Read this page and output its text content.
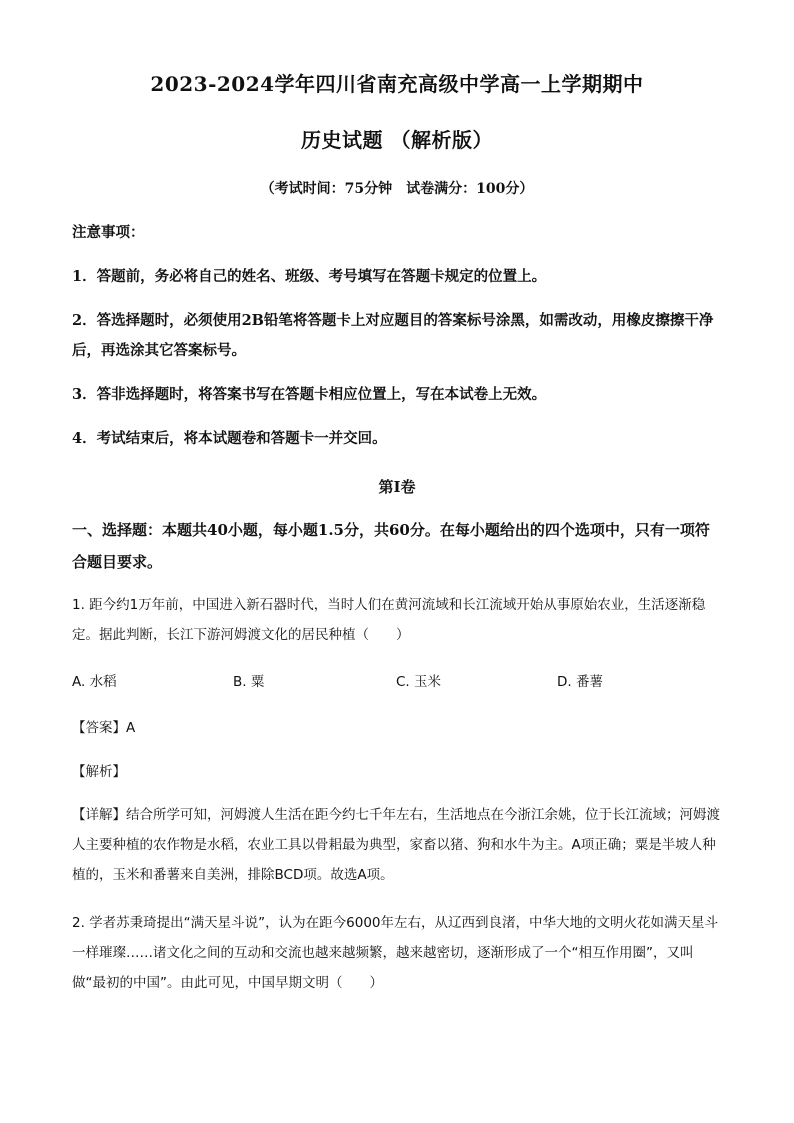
2023-2024学年四川省南充高级中学高一上学期期中
历史试题 （解析版）
（考试时间：75分钟　试卷满分：100分）
注意事项：
1．答题前，务必将自己的姓名、班级、考号填写在答题卡规定的位置上。
2．答选择题时，必须使用2B铅笔将答题卡上对应题目的答案标号涂黑，如需改动，用橡皮擦擦干净后，再选涂其它答案标号。
3．答非选择题时，将答案书写在答题卡相应位置上，写在本试卷上无效。
4．考试结束后，将本试题卷和答题卡一并交回。
第Ⅰ卷
一、选择题：本题共40小题，每小题1.5分，共60分。在每小题给出的四个选项中，只有一项符合题目要求。
1. 距今约1万年前，中国进入新石器时代，当时人们在黄河流域和长江流域开始从事原始农业，生活逐渐稳定。据此判断，长江下游河姆渡文化的居民种植（　　）
A. 水稻	B. 粟	C. 玉米	D. 番薯
【答案】A
【解析】
【详解】结合所学可知，河姆渡人生活在距今约七千年左右，生活地点在今浙江余姚，位于长江流域；河姆渡人主要种植的农作物是水稻，农业工具以骨耜最为典型，家畜以猪、狗和水牛为主。A项正确；粟是半坡人种植的，玉米和番薯来自美洲，排除BCD项。故选A项。
2. 学者苏秉琦提出“满天星斗说”，认为在距今6000年左右，从辽西到良渚，中华大地的文明火花如满天星斗一样璀璨……诸文化之间的互动和交流也越来越频繁，越来越密切，逐渐形成了一个“相互作用圈”，又叫做“最初的中国”。由此可见，中国早期文明（　　）
